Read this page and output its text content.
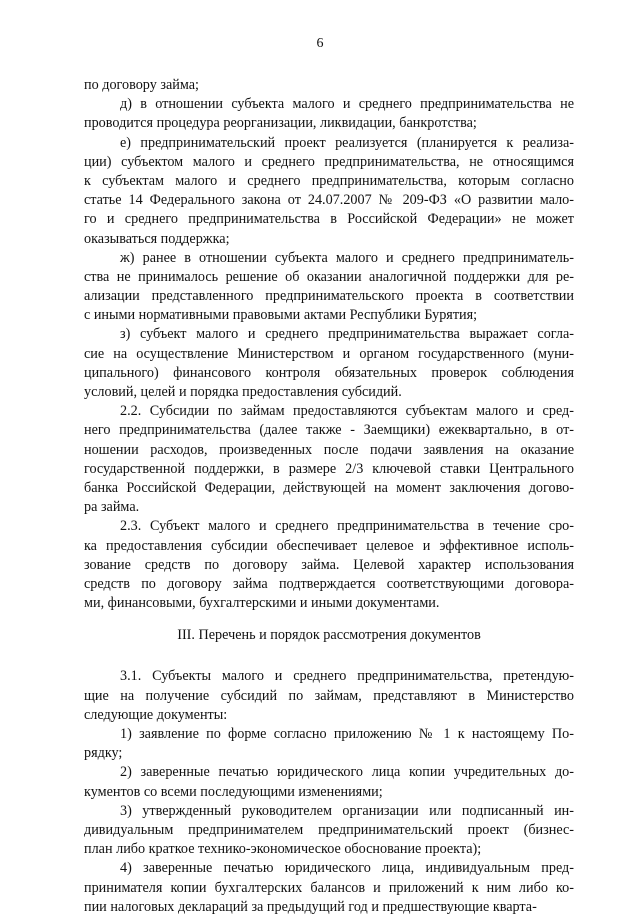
6
по договору займа;
д) в отношении субъекта малого и среднего предпринимательства не
проводится процедура реорганизации, ликвидации, банкротства;
е) предпринимательский проект реализуется (планируется к реализа-
ции) субъектом малого и среднего предпринимательства, не относящимся
к субъектам малого и среднего предпринимательства, которым согласно
статье 14 Федерального закона от 24.07.2007 № 209-ФЗ «О развитии мало-
го и среднего предпринимательства в Российской Федерации» не может
оказываться поддержка;
ж) ранее в отношении субъекта малого и среднего предприниматель-
ства не принималось решение об оказании аналогичной поддержки для ре-
ализации представленного предпринимательского проекта в соответствии
с иными нормативными правовыми актами Республики Бурятия;
з) субъект малого и среднего предпринимательства выражает согла-
сие на осуществление Министерством и органом государственного (муни-
ципального) финансового контроля обязательных проверок соблюдения
условий, целей и порядка предоставления субсидий.
2.2. Субсидии по займам предоставляются субъектам малого и сред-
него предпринимательства (далее также - Заемщики) ежеквартально, в от-
ношении расходов, произведенных после подачи заявления на оказание
государственной поддержки, в размере 2/3 ключевой ставки Центрального
банка Российской Федерации, действующей на момент заключения догово-
ра займа.
2.3. Субъект малого и среднего предпринимательства в течение сро-
ка предоставления субсидии обеспечивает целевое и эффективное исполь-
зование средств по договору займа. Целевой характер использования
средств по договору займа подтверждается соответствующими договора-
ми, финансовыми, бухгалтерскими и иными документами.
III. Перечень и порядок рассмотрения документов
3.1. Субъекты малого и среднего предпринимательства, претендую-
щие на получение субсидий по займам, представляют в Министерство
следующие документы:
1) заявление по форме согласно приложению № 1 к настоящему По-
рядку;
2) заверенные печатью юридического лица копии учредительных до-
кументов со всеми последующими изменениями;
3) утвержденный руководителем организации или подписанный ин-
дивидуальным предпринимателем предпринимательский проект (бизнес-
план либо краткое технико-экономическое обоснование проекта);
4) заверенные печатью юридического лица, индивидуальным пред-
принимателя копии бухгалтерских балансов и приложений к ним либо ко-
пии налоговых деклараций за предыдущий год и предшествующие кварта-
